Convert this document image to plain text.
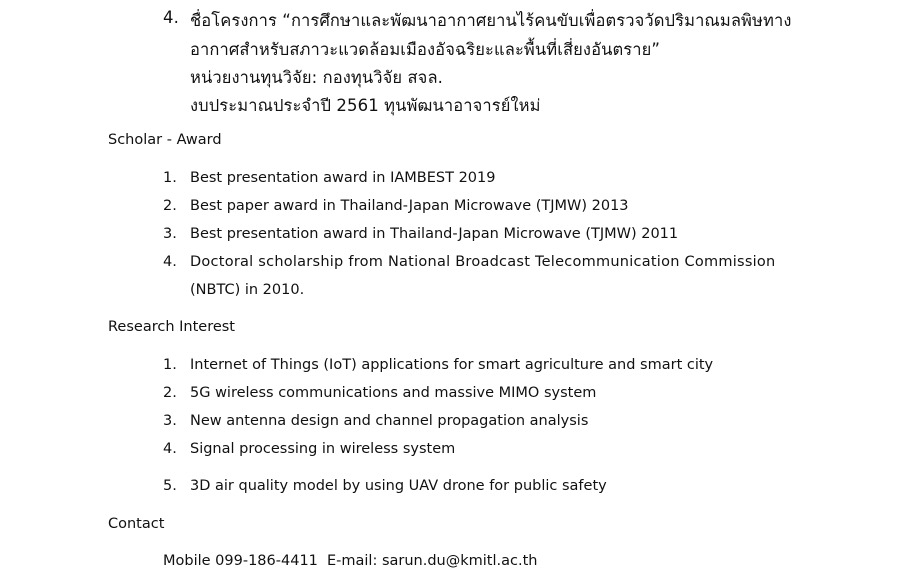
4. ชื่อโครงการ “การศึกษาและพัฒนาอากาศยานไร้คนขับเพื่อตรวจวัดปริมาณมลพิษทาง
อากาศสำหรับสภาวะแวดล้อมเมืองอัจฉริยะและพื้นที่เสี่ยงอันตราย”
หน่วยงานทุนวิจัย: กองทุนวิจัย สจล.
งบประมาณประจำปี 2561 ทุนพัฒนาอาจารย์ใหม่
Scholar - Award
1. Best presentation award in IAMBEST 2019
2. Best paper award in Thailand-Japan Microwave (TJMW) 2013
3. Best presentation award in Thailand-Japan Microwave (TJMW) 2011
4. Doctoral scholarship from National Broadcast Telecommunication Commission
(NBTC) in 2010.
Research Interest
1. Internet of Things (IoT) applications for smart agriculture and smart city
2. 5G wireless communications and massive MIMO system
3. New antenna design and channel propagation analysis
4. Signal processing in wireless system
5. 3D air quality model by using UAV drone for public safety
Contact
Mobile 099-186-4411 E-mail: sarun.du@kmitl.ac.th
